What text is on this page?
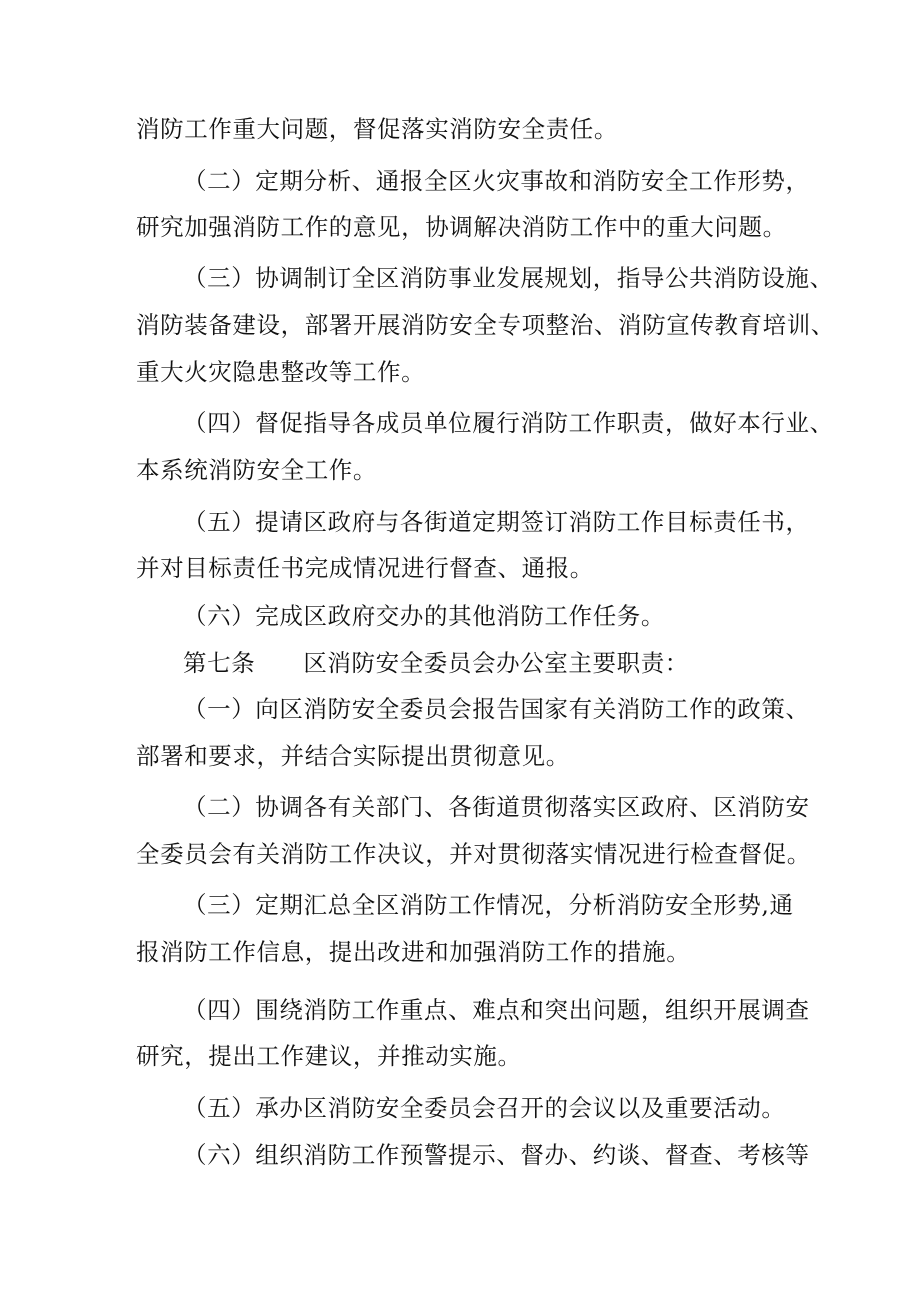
消防工作重大问题，督促落实消防安全责任。
（二）定期分析、通报全区火灾事故和消防安全工作形势，
研究加强消防工作的意见，协调解决消防工作中的重大问题。
（三）协调制订全区消防事业发展规划，指导公共消防设施、
消防装备建设，部署开展消防安全专项整治、消防宣传教育培训、
重大火灾隐患整改等工作。
（四）督促指导各成员单位履行消防工作职责，做好本行业、
本系统消防安全工作。
（五）提请区政府与各街道定期签订消防工作目标责任书，
并对目标责任书完成情况进行督查、通报。
（六）完成区政府交办的其他消防工作任务。
第七条 区消防安全委员会办公室主要职责：
（一）向区消防安全委员会报告国家有关消防工作的政策、
部署和要求，并结合实际提出贯彻意见。
（二）协调各有关部门、各街道贯彻落实区政府、区消防安
全委员会有关消防工作决议，并对贯彻落实情况进行检查督促。
（三）定期汇总全区消防工作情况，分析消防安全形势,通
报消防工作信息，提出改进和加强消防工作的措施。
（四）围绕消防工作重点、难点和突出问题，组织开展调查
研究，提出工作建议，并推动实施。
（五）承办区消防安全委员会召开的会议以及重要活动。
（六）组织消防工作预警提示、督办、约谈、督查、考核等
